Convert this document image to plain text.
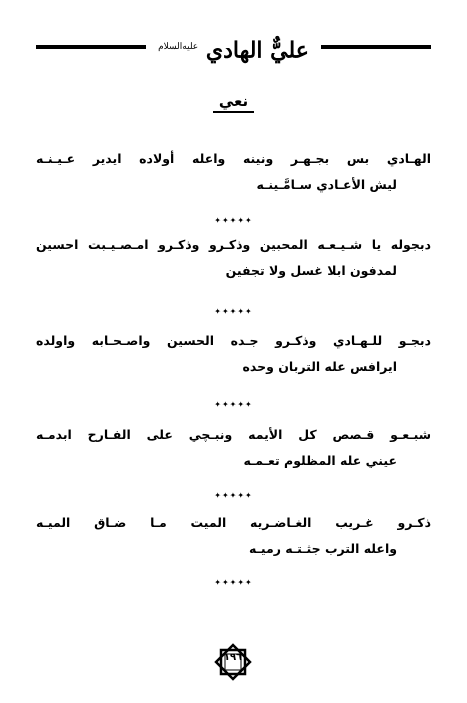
عليٌّ الهادي $^{عليه‌السلام}$
نعي
الهـادي بس بجـهـر ونينه واعله أولاده ايدير عـيـنـه
ليش الأعـادي سـامَّـينـه
✦✦✦✦✦
دبجوله يا شـيـعـه المحبين وذكـرو وذكـرو امـصـيـبت احسين
لمدفون ابلا غسل ولا تجفين
✦✦✦✦✦
دبجـو للـهـادي وذكـرو جـده الحسين واصـحـابه واولده
ايرافس عله التربان وحده
✦✦✦✦✦
شبـعـو قـصص كل الأيمه ونبـچي على الفـارح ابدمـه
عيني عله المظلوم تعـمـه
✦✦✦✦✦
ذكـرو غـريب الغـاضـريه الميت مـا ضـاق الميـه
واعله الترب جثـتـه رميـه
✦✦✦✦✦
١٩٦
